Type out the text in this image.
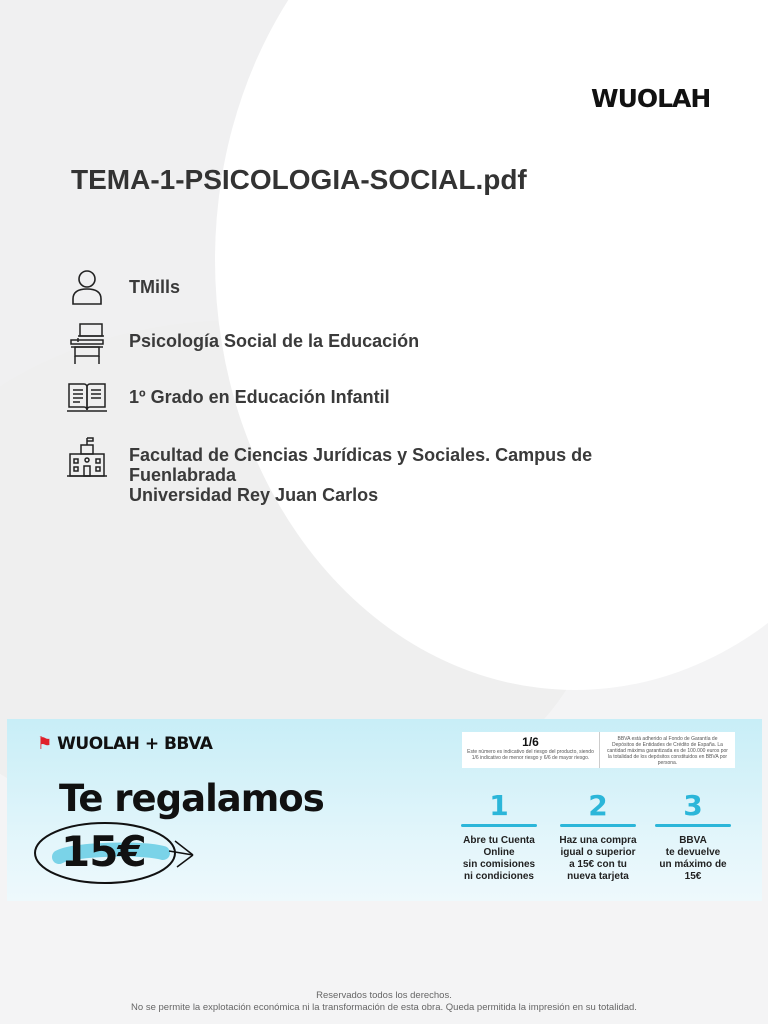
WUOLAH
TEMA-1-PSICOLOGIA-SOCIAL.pdf
TMills
Psicología Social de la Educación
1º Grado en Educación Infantil
Facultad de Ciencias Jurídicas y Sociales. Campus de
Fuenlabrada
Universidad Rey Juan Carlos
⚑ WUOLAH + BBVA
Te regalamos
15€
1/6
Este número es indicativo del riesgo del producto, siendo 1/6 indicativo de menor riesgo y 6/6 de mayor riesgo.
BBVA está adherido al Fondo de Garantía de Depósitos de Entidades de Crédito de España. La cantidad máxima garantizada es de 100.000 euros por la totalidad de los depósitos constituidos en BBVA por persona.
1
Abre tu Cuenta
Online
sin comisiones
ni condiciones
2
Haz una compra
igual o superior
a 15€ con tu
nueva tarjeta
3
BBVA
te devuelve
un máximo de
15€
Reservados todos los derechos.
No se permite la explotación económica ni la transformación de esta obra. Queda permitida la impresión en su totalidad.
